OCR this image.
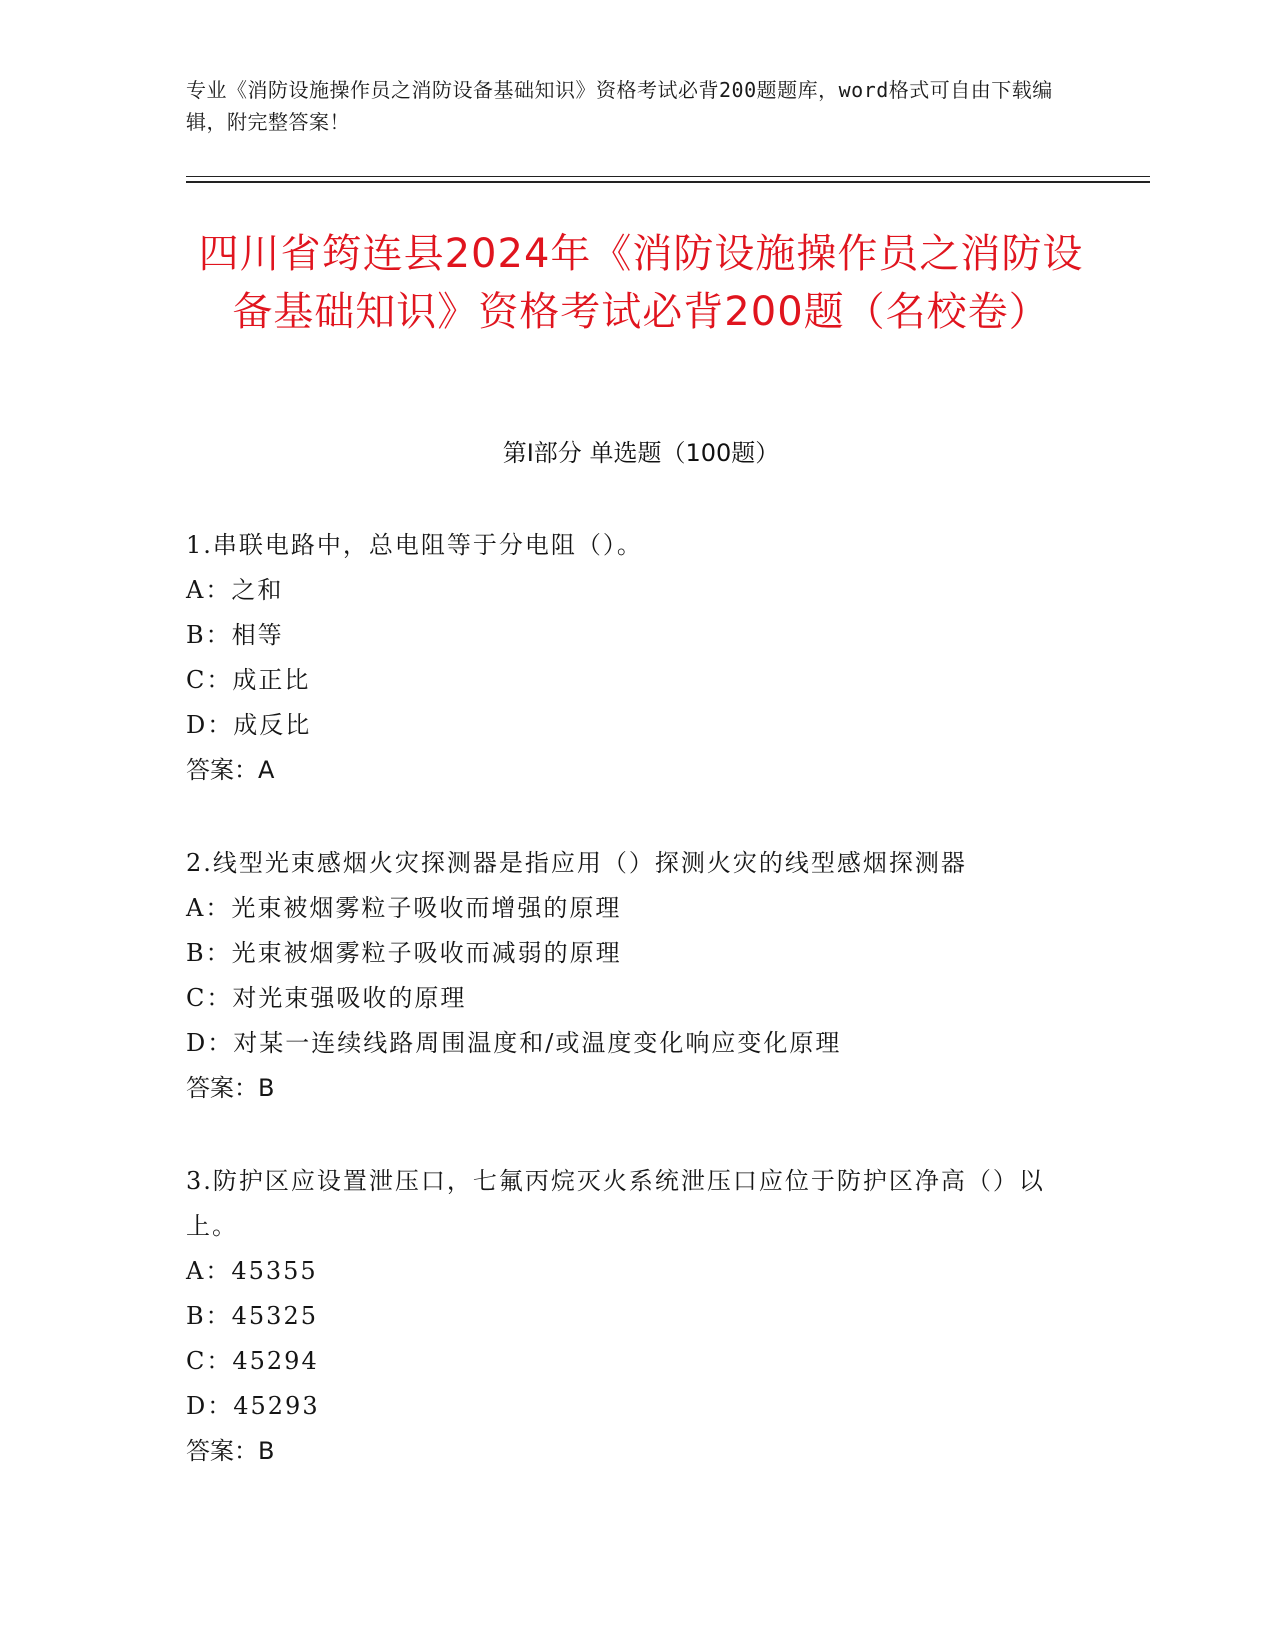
专业《消防设施操作员之消防设备基础知识》资格考试必背200题题库，word格式可自由下载编辑，附完整答案！
四川省筠连县2024年《消防设施操作员之消防设备基础知识》资格考试必背200题（名校卷）
第Ⅰ部分 单选题（100题）
1.串联电路中，总电阻等于分电阻（）。
A：之和
B：相等
C：成正比
D：成反比
答案：A
2.线型光束感烟火灾探测器是指应用（）探测火灾的线型感烟探测器
A：光束被烟雾粒子吸收而增强的原理
B：光束被烟雾粒子吸收而减弱的原理
C：对光束强吸收的原理
D：对某一连续线路周围温度和/或温度变化响应变化原理
答案：B
3.防护区应设置泄压口，七氟丙烷灭火系统泄压口应位于防护区净高（）以上。
A：45355
B：45325
C：45294
D：45293
答案：B
